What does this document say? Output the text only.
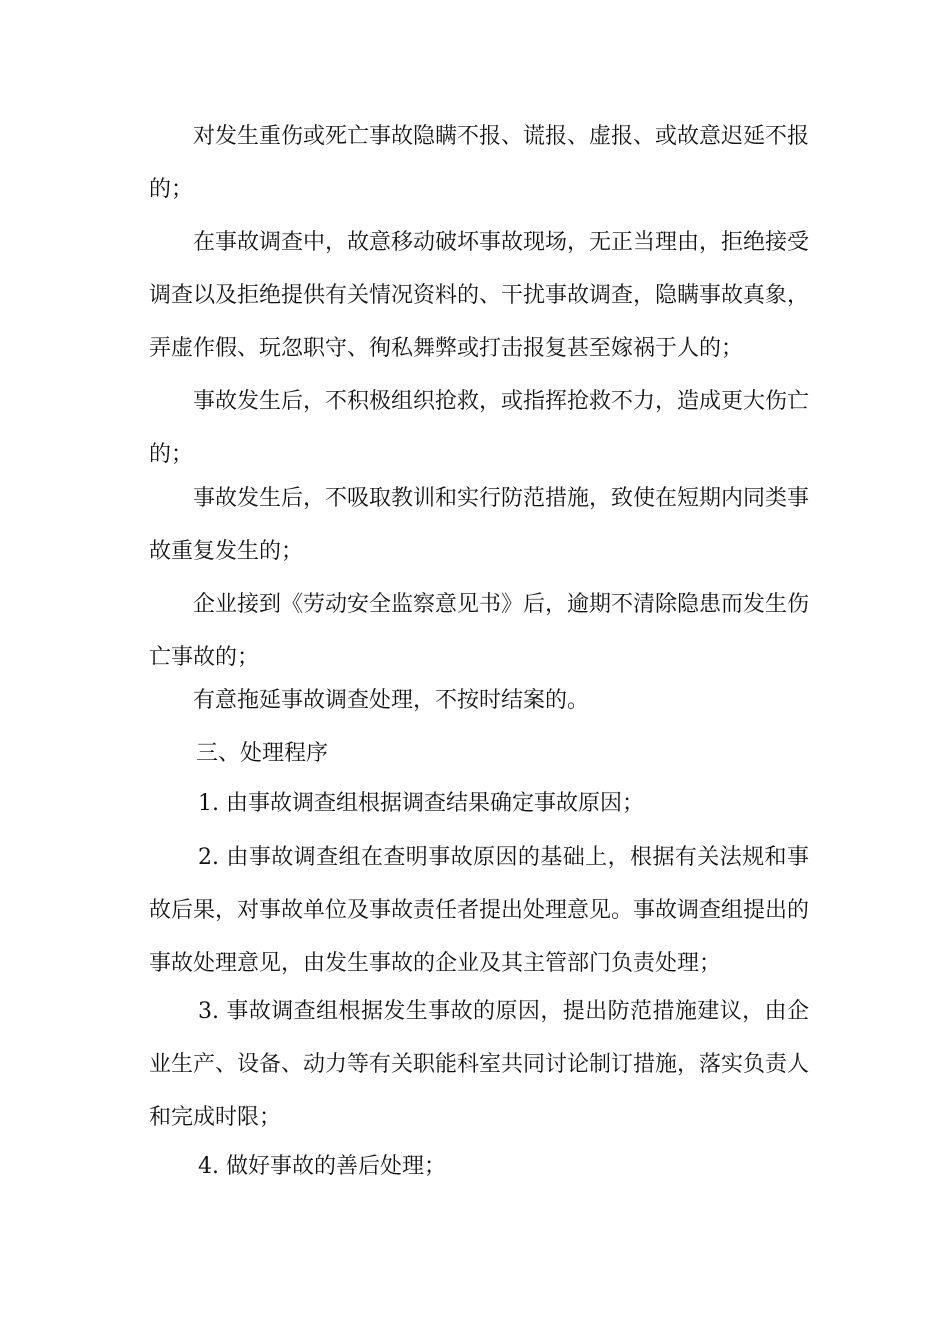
对发生重伤或死亡事故隐瞒不报、谎报、虚报、或故意迟延不报的；

在事故调查中，故意移动破坏事故现场，无正当理由，拒绝接受调查以及拒绝提供有关情况资料的、干扰事故调查，隐瞒事故真象，弄虚作假、玩忽职守、徇私舞弊或打击报复甚至嫁祸于人的；

事故发生后，不积极组织抢救，或指挥抢救不力，造成更大伤亡的；

事故发生后，不吸取教训和实行防范措施，致使在短期内同类事故重复发生的；

企业接到《劳动安全监察意见书》后，逾期不清除隐患而发生伤亡事故的；

有意拖延事故调查处理，不按时结案的。

三、处理程序

1. 由事故调查组根据调查结果确定事故原因；

2. 由事故调查组在查明事故原因的基础上，根据有关法规和事故后果，对事故单位及事故责任者提出处理意见。事故调查组提出的事故处理意见，由发生事故的企业及其主管部门负责处理；

3. 事故调查组根据发生事故的原因，提出防范措施建议，由企业生产、设备、动力等有关职能科室共同讨论制订措施，落实负责人和完成时限；

4. 做好事故的善后处理；
